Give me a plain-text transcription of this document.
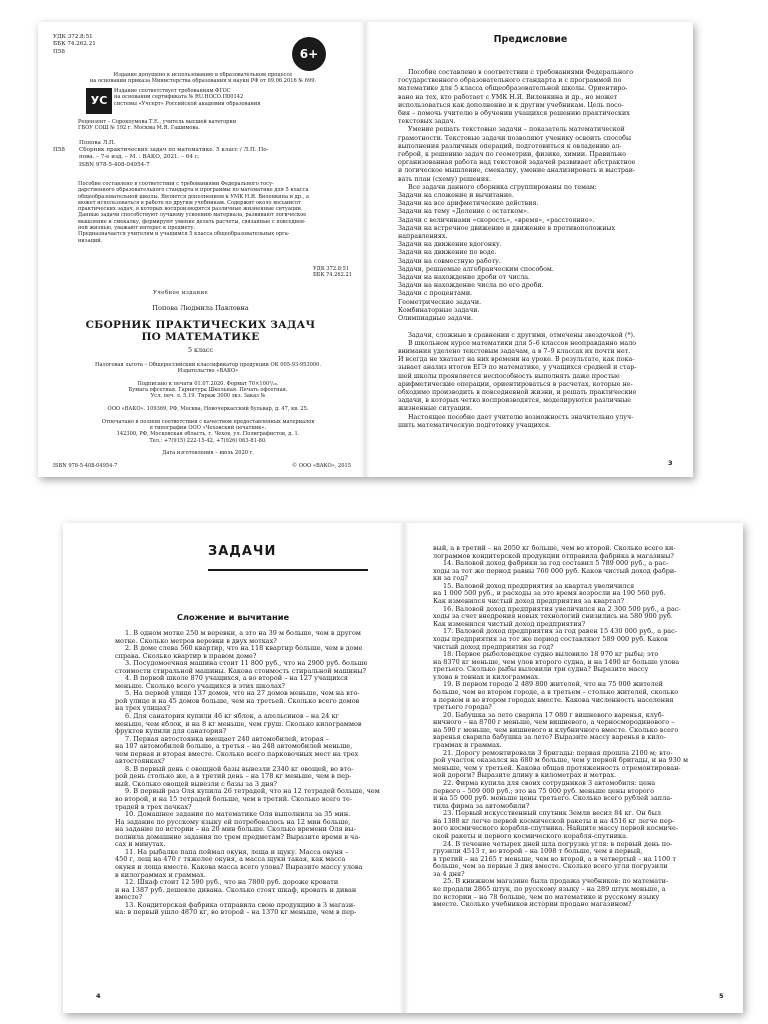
УДК 372.8:51
ББК 74.262.21
П58	6+
Издание допущено к использованию в образовательном процессе
на основании приказа Министерства образования и науки РФ от 09.06.2016 № 699.
УС
Издание соответствует требованиям ФГОС
на основании сертификата № RU.НОСО.П00142
системы «Учсерт» Российской академии образования
Рецензент – Сорокоумова Т.Е., учитель высшей категории
ГБОУ СОШ № 192 г. Москвы М.Я. Гашимова.
Попова Л.П.
П58	Сборник практических задач по математике. 5 класс / Л.П. По-
пова. – 7-е изд. – М. : ВАКО, 2021. – 64 с.
ISBN 978-5-408-04954-7
Пособие составлено в соответствии с требованиями Федерального госу-
дарственного образовательного стандарта и программы по математике для 5 класса
общеобразовательной школы. Является дополнением к УМК Н.Я. Виленкина и др., а
может использоваться в работе по другим учебникам. Содержит около восьмисот
практических задач, в которых воспроизводятся различные жизненные ситуации.
Данные задачи способствуют лучшему усвоению материала, развивают логическое
мышление и смекалку, формируют умение делать расчеты, связанные с повседнев-
ной жизнью, уважают интерес к предмету.
Предназначается учителям и учащимся 5 класса общеобразовательных орга-
низаций.
УДК 372.8:51
ББК 74.262.21
Учебное издание
Попова Людмила Павловна
СБОРНИК ПРАКТИЧЕСКИХ ЗАДАЧ
ПО МАТЕМАТИКЕ
5 класс
Налоговая льгота – Общероссийский классификатор продукции ОК 005-93-953000.
Издательство «ВАКО»

Подписано к печати 01.07.2020. Формат 70×100¹/₁₆.
Бумага офсетная. Гарнитура Школьная. Печать офсетная.
Усл. печ. л. 5,19. Тираж 3000 экз. Заказ №

ООО «ВАКО». 109369, РФ, Москва, Новочеркасский бульвар, д. 47, кв. 25.

Отпечатано в полном соответствии с качеством предоставленных материалов
в типографии ООО «Чеховский печатник».
142300, РФ, Московская область, г. Чехов, ул. Полиграфистов, д. 1.
Тел.: +7(915) 222-15-42, +7(926) 063-81-80.

Дата изготовления – июль 2020 г.
ISBN 978-5-408-04954-7	© ООО «ВАКО», 2015
Предисловие
Пособие составлено в соответствии с требованиями Федерального
государственного образовательного стандарта и с программой по
математике для 5 класса общеобразовательной школы. Ориентиро-
вано на тех, кто работает с УМК Н.Я. Виленкина и др., но может
использоваться как дополнение и к другим учебникам. Цель посо-
бия – помочь учителю в обучении учащихся решению практических
текстовых задач.
Умение решать текстовые задачи – показатель математической
грамотности. Текстовые задачи позволяют ученику освоить способы
выполнения различных операций, подготовиться к овладению ал-
геброй, к решению задач по геометрии, физике, химии. Правильно
организованная работа над текстовой задачей развивает абстрактное
и логическое мышление, смекалку, умение анализировать и выстраи-
вать план (схему) решения.
Все задачи данного сборника сгруппированы по темам:
Задачи на сложение и вычитание.
Задачи на все арифметические действия.
Задачи на тему «Деление с остатком».
Задачи с величинами «скорость», «время», «расстояние».
Задачи на встречное движение и движение в противоположных
направлениях.
Задачи на движение вдогонку.
Задачи на движение по воде.
Задачи на совместную работу.
Задачи, решаемые алгебраическим способом.
Задачи на нахождение дроби от числа.
Задачи на нахождение числа по его дроби.
Задачи с процентами.
Геометрические задачи.
Комбинаторные задачи.
Олимпиадные задачи.

Задачи, сложные в сравнении с другими, отмечены звездочкой (*).
В школьном курсе математики для 5–6 классов неоправданно мало
внимания уделено текстовым задачам, а в 7–9 классах их почти нет.
И всегда не хватает на них времени на уроке. В результате, как пока-
зывает анализ итогов ЕГЭ по математике, у учащихся средней и стар-
шей школы проявляется неспособность выполнять даже простые
арифметические операции, ориентироваться в расчетах, которые не-
обходимо производить в повседневной жизни, и решать практические
задачи, в которых четко воспроизводятся, моделируются различные
жизненные ситуации.
Настоящее пособие дает учителю возможность значительно улуч-
шить математическую подготовку учащихся.
3
ЗАДАЧИ
Сложение и вычитание
1. В одном мотке 250 м веревки, а это на 39 м больше, чем в другом
мотке. Сколько метров веревки в двух мотках?
2. В доме слева 560 квартир, что на 118 квартир больше, чем в доме
справа. Сколько квартир в правом доме?
3. Посудомоечная машина стоит 11 800 руб., что на 2900 руб. больше
стоимости стиральной машины. Какова стоимость стиральной машины?
4. В первой школе 870 учащихся, а во второй – на 127 учащихся
меньше. Сколько всего учащихся в этих школах?
5. На первой улице 137 домов, что на 27 домов меньше, чем на вто-
рой улице и на 45 домов больше, чем на третьей. Сколько всего домов
на трех улицах?
6. Для санатория купили 46 кг яблок, а апельсинов – на 24 кг
меньше, чем яблок, и на 8 кг меньше, чем груш. Сколько килограммов
фруктов купили для санатория?
7. Первая автостоянка вмещает 240 автомобилей, вторая –
на 107 автомобилей больше, а третья – на 248 автомобилей меньше,
чем первая и вторая вместе. Сколько всего парковочных мест на трех
автостоянках?
8. В первый день с овощной базы вывезли 2340 кг овощей, во вто-
рой день столько же, а в третий день – на 178 кг меньше, чем в пер-
вый. Сколько овощей вывезли с базы за 3 дня?
9. В первый раз Оля купила 26 тетрадей, что на 12 тетрадей больше, чем
во второй, и на 15 тетрадей больше, чем в третий. Сколько всего те-
традей в трех пачках?
10. Домашнее задание по математике Оля выполнила за 35 мин.
На задание по русскому языку ей потребовалось на 12 мин больше,
на задание по истории – на 20 мин больше. Сколько времени Оля вы-
полнила домашние задания по трем предметам? Выразите время в ча-
сах и минутах.
11. На рыбалке папа поймал окуня, леща и щуку. Масса окуня –
450 г, лещ на 470 г тяжелее окуня, а масса щуки такая, как масса
окуня и леща вместе. Какова масса всего улова? Выразите массу улова
в килограммах и граммах.
12. Шкаф стоит 12 590 руб., что на 7800 руб. дороже кровати
и на 1387 руб. дешевле дивана. Сколько стоят шкаф, кровать и диван
вместе?
13. Кондитерская фабрика отправила свою продукцию в 3 магази-
на: в первый ушло 4870 кг, во второй – на 1370 кг меньше, чем в пер-
4
вый, а в третий – на 2050 кг больше, чем во второй. Сколько всего ки-
лограммов кондитерской продукции отправила фабрика в магазины?
14. Валовой доход фабрики за год составил 5 789 000 руб., а рас-
ходы за тот же период равны 760 000 руб. Каков чистый доход фабри-
ки за год?
15. Валовой доход предприятия за квартал увеличился
на 1 000 500 руб., и расходы за это время возросли на 190 560 руб.
Как изменился чистый доход предприятия за квартал?
16. Валовой доход предприятия увеличился на 2 300 500 руб., а рас-
ходы за счет внедрения новых технологий снизились на 580 900 руб.
Как изменился чистый доход предприятия?
17. Валовой доход предприятия за год равен 15 430 000 руб., а рас-
ходы предприятия за тот же период составляют 589 000 руб. Каков
чистый доход предприятия за год?
18. Первое рыболовецкое судно выловило 18 970 кг рыбы; это
на 8370 кг меньше, чем улов второго судна, и на 1490 кг больше улова
третьего. Сколько рыбы выловили три судна? Выразите массу
улова в тоннах и килограммах.
19. В первом городе 2 489 800 жителей, что на 75 000 жителей
больше, чем во втором городе, а в третьем – столько жителей, сколько
в первом и во втором городах вместе. Какова численность населения
третьего города?
20. Бабушка за лето сварила 17 080 г вишневого варенья, клуб-
ничного – на 8700 г меньше, чем вишневого, а черносмородинового –
на 590 г меньше, чем вишневого и клубничного вместе. Сколько всего
варенья сварила бабушка за лето? Выразите массу варенья в кило-
граммах и граммах.
21. Дорогу ремонтировали 3 бригады: первая прошла 2100 м; вто-
рой участок оказался на 680 м больше, чем у первой бригады, и на 930 м
меньше, чем у третьей. Какова общая протяженность отремонтирован-
ной дороги? Выразите длину в километрах и метрах.
22. Фирма купила для своих сотрудников 3 автомобиля: цена
первого – 509 000 руб.; это на 75 000 руб. меньше цены второго
и на 55 000 руб. меньше цены третьего. Сколько всего рублей запла-
тила фирма за автомобили?
23. Первый искусственный спутник Земли весил 84 кг. Он был
на 1388 кг легче первой космической ракеты и на 4516 кг легче пер-
вого космического корабля-спутника. Найдите массу первой космиче-
ской ракеты и первого космического корабля-спутника.
24. В течение четырех дней шла погрузка угля: в первый день по-
грузили 4513 т, во второй – на 1098 т больше, чем в первый,
в третий – на 2165 т меньше, чем во второй, а в четвертый – на 1100 т
больше, чем за первые 3 дня вместе. Сколько всего угля погрузили
за 4 дня?
25. В книжном магазине была продажа учебников: по математи-
ке продали 2865 штук, по русскому языку – на 289 штук меньше, а
по истории – на 78 больше, чем по математике и русскому языку
вместе. Сколько учебников истории продано магазином?
5
